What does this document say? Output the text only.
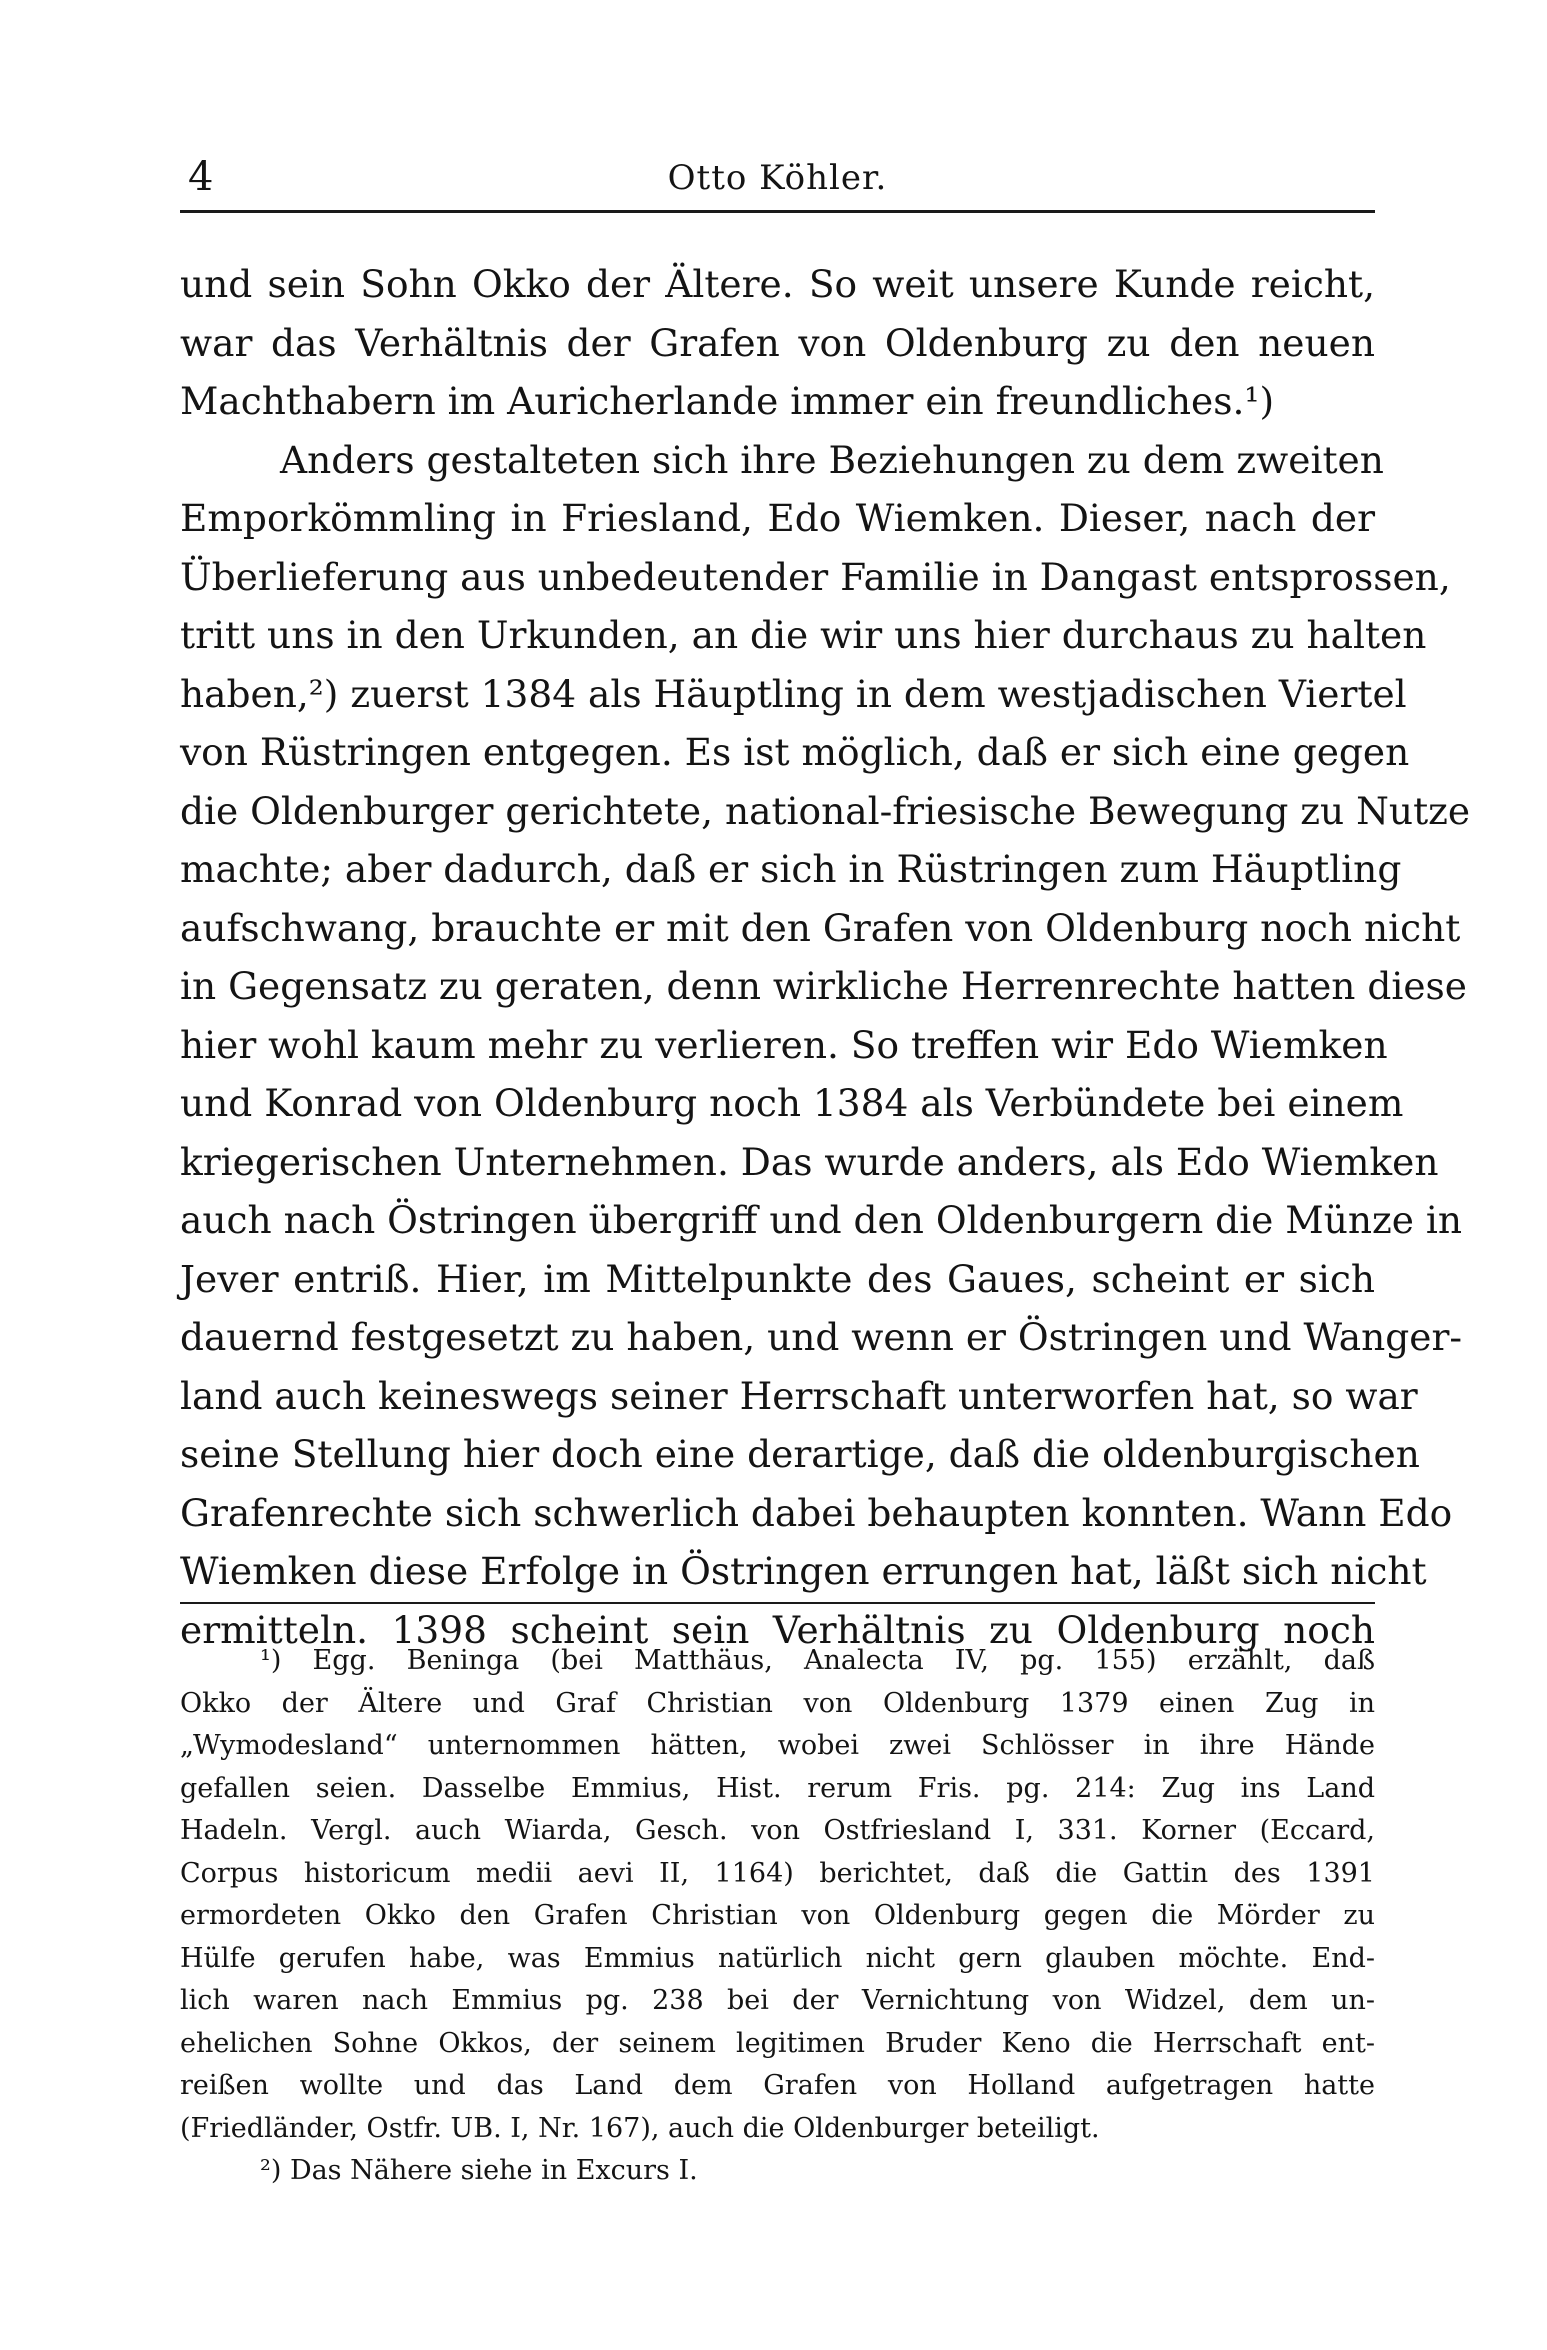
4	Otto Köhler.
und sein Sohn Okko der Ältere. So weit unsere Kunde reicht,
war das Verhältnis der Grafen von Oldenburg zu den neuen
Machthabern im Auricherlande immer ein freundliches.¹)
Anders gestalteten sich ihre Beziehungen zu dem zweiten
Emporkömmling in Friesland, Edo Wiemken. Dieser, nach der
Überlieferung aus unbedeutender Familie in Dangast entsprossen,
tritt uns in den Urkunden, an die wir uns hier durchaus zu halten
haben,²) zuerst 1384 als Häuptling in dem westjadischen Viertel
von Rüstringen entgegen. Es ist möglich, daß er sich eine gegen
die Oldenburger gerichtete, national-friesische Bewegung zu Nutze
machte; aber dadurch, daß er sich in Rüstringen zum Häuptling
aufschwang, brauchte er mit den Grafen von Oldenburg noch nicht
in Gegensatz zu geraten, denn wirkliche Herrenrechte hatten diese
hier wohl kaum mehr zu verlieren. So treffen wir Edo Wiemken
und Konrad von Oldenburg noch 1384 als Verbündete bei einem
kriegerischen Unternehmen. Das wurde anders, als Edo Wiemken
auch nach Östringen übergriff und den Oldenburgern die Münze in
Jever entriß. Hier, im Mittelpunkte des Gaues, scheint er sich
dauernd festgesetzt zu haben, und wenn er Östringen und Wanger-
land auch keineswegs seiner Herrschaft unterworfen hat, so war
seine Stellung hier doch eine derartige, daß die oldenburgischen
Grafenrechte sich schwerlich dabei behaupten konnten. Wann Edo
Wiemken diese Erfolge in Östringen errungen hat, läßt sich nicht
ermitteln. 1398 scheint sein Verhältnis zu Oldenburg noch
¹) Egg. Beninga (bei Matthäus, Analecta IV, pg. 155) erzählt, daß
Okko der Ältere und Graf Christian von Oldenburg 1379 einen Zug in
„Wymodesland“ unternommen hätten, wobei zwei Schlösser in ihre Hände
gefallen seien. Dasselbe Emmius, Hist. rerum Fris. pg. 214: Zug ins Land
Hadeln. Vergl. auch Wiarda, Gesch. von Ostfriesland I, 331. Korner (Eccard,
Corpus historicum medii aevi II, 1164) berichtet, daß die Gattin des 1391
ermordeten Okko den Grafen Christian von Oldenburg gegen die Mörder zu
Hülfe gerufen habe, was Emmius natürlich nicht gern glauben möchte. End-
lich waren nach Emmius pg. 238 bei der Vernichtung von Widzel, dem un-
ehelichen Sohne Okkos, der seinem legitimen Bruder Keno die Herrschaft ent-
reißen wollte und das Land dem Grafen von Holland aufgetragen hatte
(Friedländer, Ostfr. UB. I, Nr. 167), auch die Oldenburger beteiligt.
²) Das Nähere siehe in Excurs I.
